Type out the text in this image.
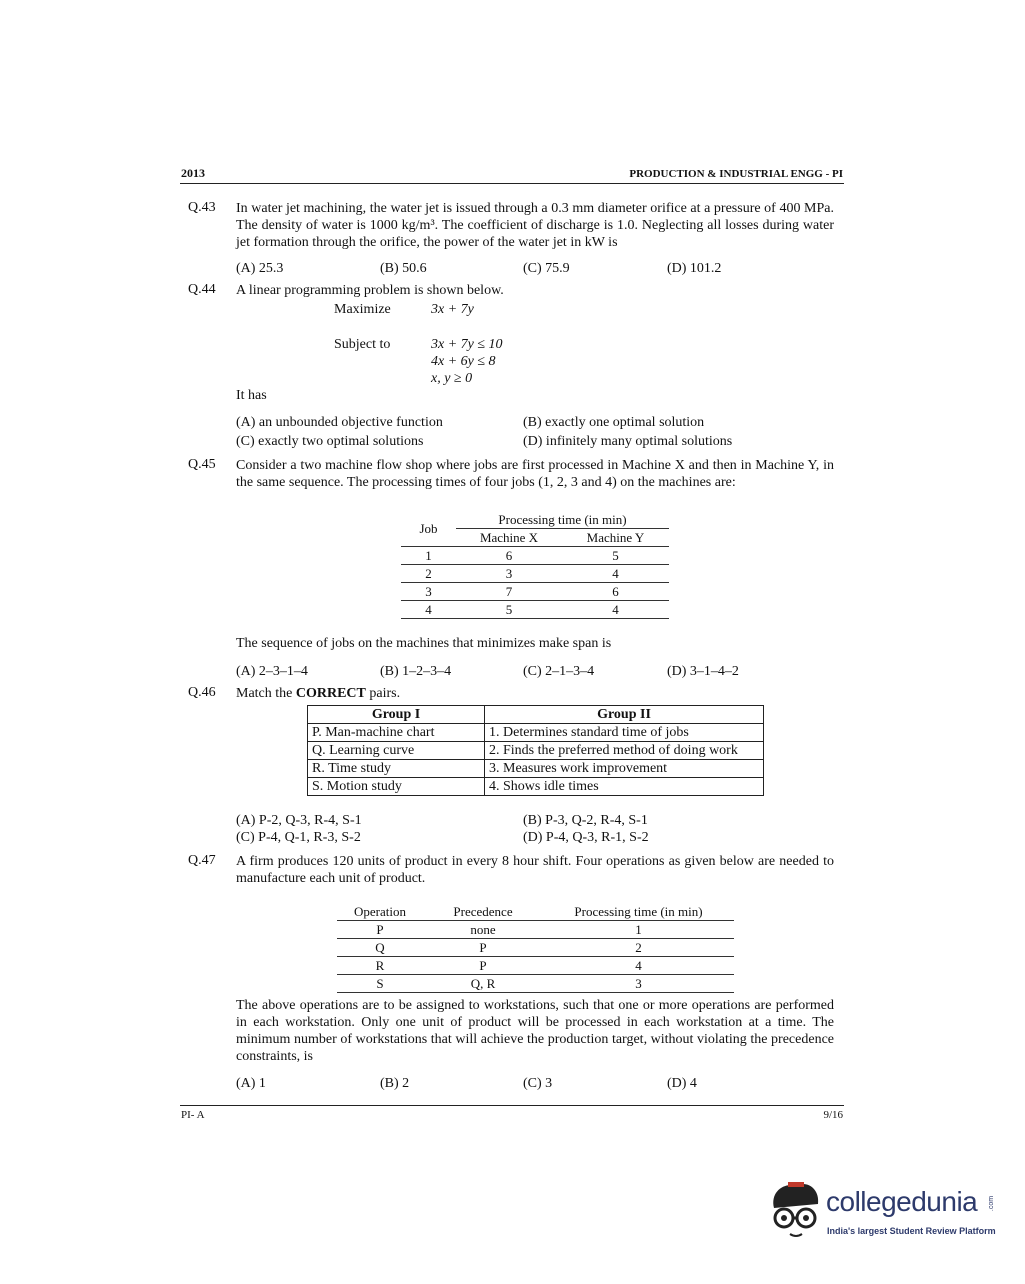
2013	PRODUCTION & INDUSTRIAL ENGG - PI
Q.43 In water jet machining, the water jet is issued through a 0.3 mm diameter orifice at a pressure of 400 MPa. The density of water is 1000 kg/m³. The coefficient of discharge is 1.0. Neglecting all losses during water jet formation through the orifice, the power of the water jet in kW is
(A) 25.3	(B) 50.6	(C) 75.9	(D) 101.2
Q.44 A linear programming problem is shown below.
Maximize	3x + 7y
Subject to	3x + 7y ≤ 10
4x + 6y ≤ 8
x, y ≥ 0
It has
(A) an unbounded objective function	(B) exactly one optimal solution
(C) exactly two optimal solutions	(D) infinitely many optimal solutions
Q.45 Consider a two machine flow shop where jobs are first processed in Machine X and then in Machine Y, in the same sequence. The processing times of four jobs (1, 2, 3 and 4) on the machines are:
Job	Processing time (in min)	
	Machine X	Machine Y
1	6	5
2	3	4
3	7	6
4	5	4
The sequence of jobs on the machines that minimizes make span is
(A) 2–3–1–4	(B) 1–2–3–4	(C) 2–1–3–4	(D) 3–1–4–2
Q.46 Match the CORRECT pairs.
Group I	Group II
P. Man-machine chart	1. Determines standard time of jobs
Q. Learning curve	2. Finds the preferred method of doing work
R. Time study	3. Measures work improvement
S. Motion study	4. Shows idle times
(A) P-2, Q-3, R-4, S-1	(B) P-3, Q-2, R-4, S-1
(C) P-4, Q-1, R-3, S-2	(D) P-4, Q-3, R-1, S-2
Q.47 A firm produces 120 units of product in every 8 hour shift. Four operations as given below are needed to manufacture each unit of product.
Operation	Precedence	Processing time (in min)
P	none	1
Q	P	2
R	P	4
S	Q, R	3
The above operations are to be assigned to workstations, such that one or more operations are performed in each workstation. Only one unit of product will be processed in each workstation at a time. The minimum number of workstations that will achieve the production target, without violating the precedence constraints, is
(A) 1	(B) 2	(C) 3	(D) 4
PI- A	9/16
collegedunia .com
India's largest Student Review Platform
